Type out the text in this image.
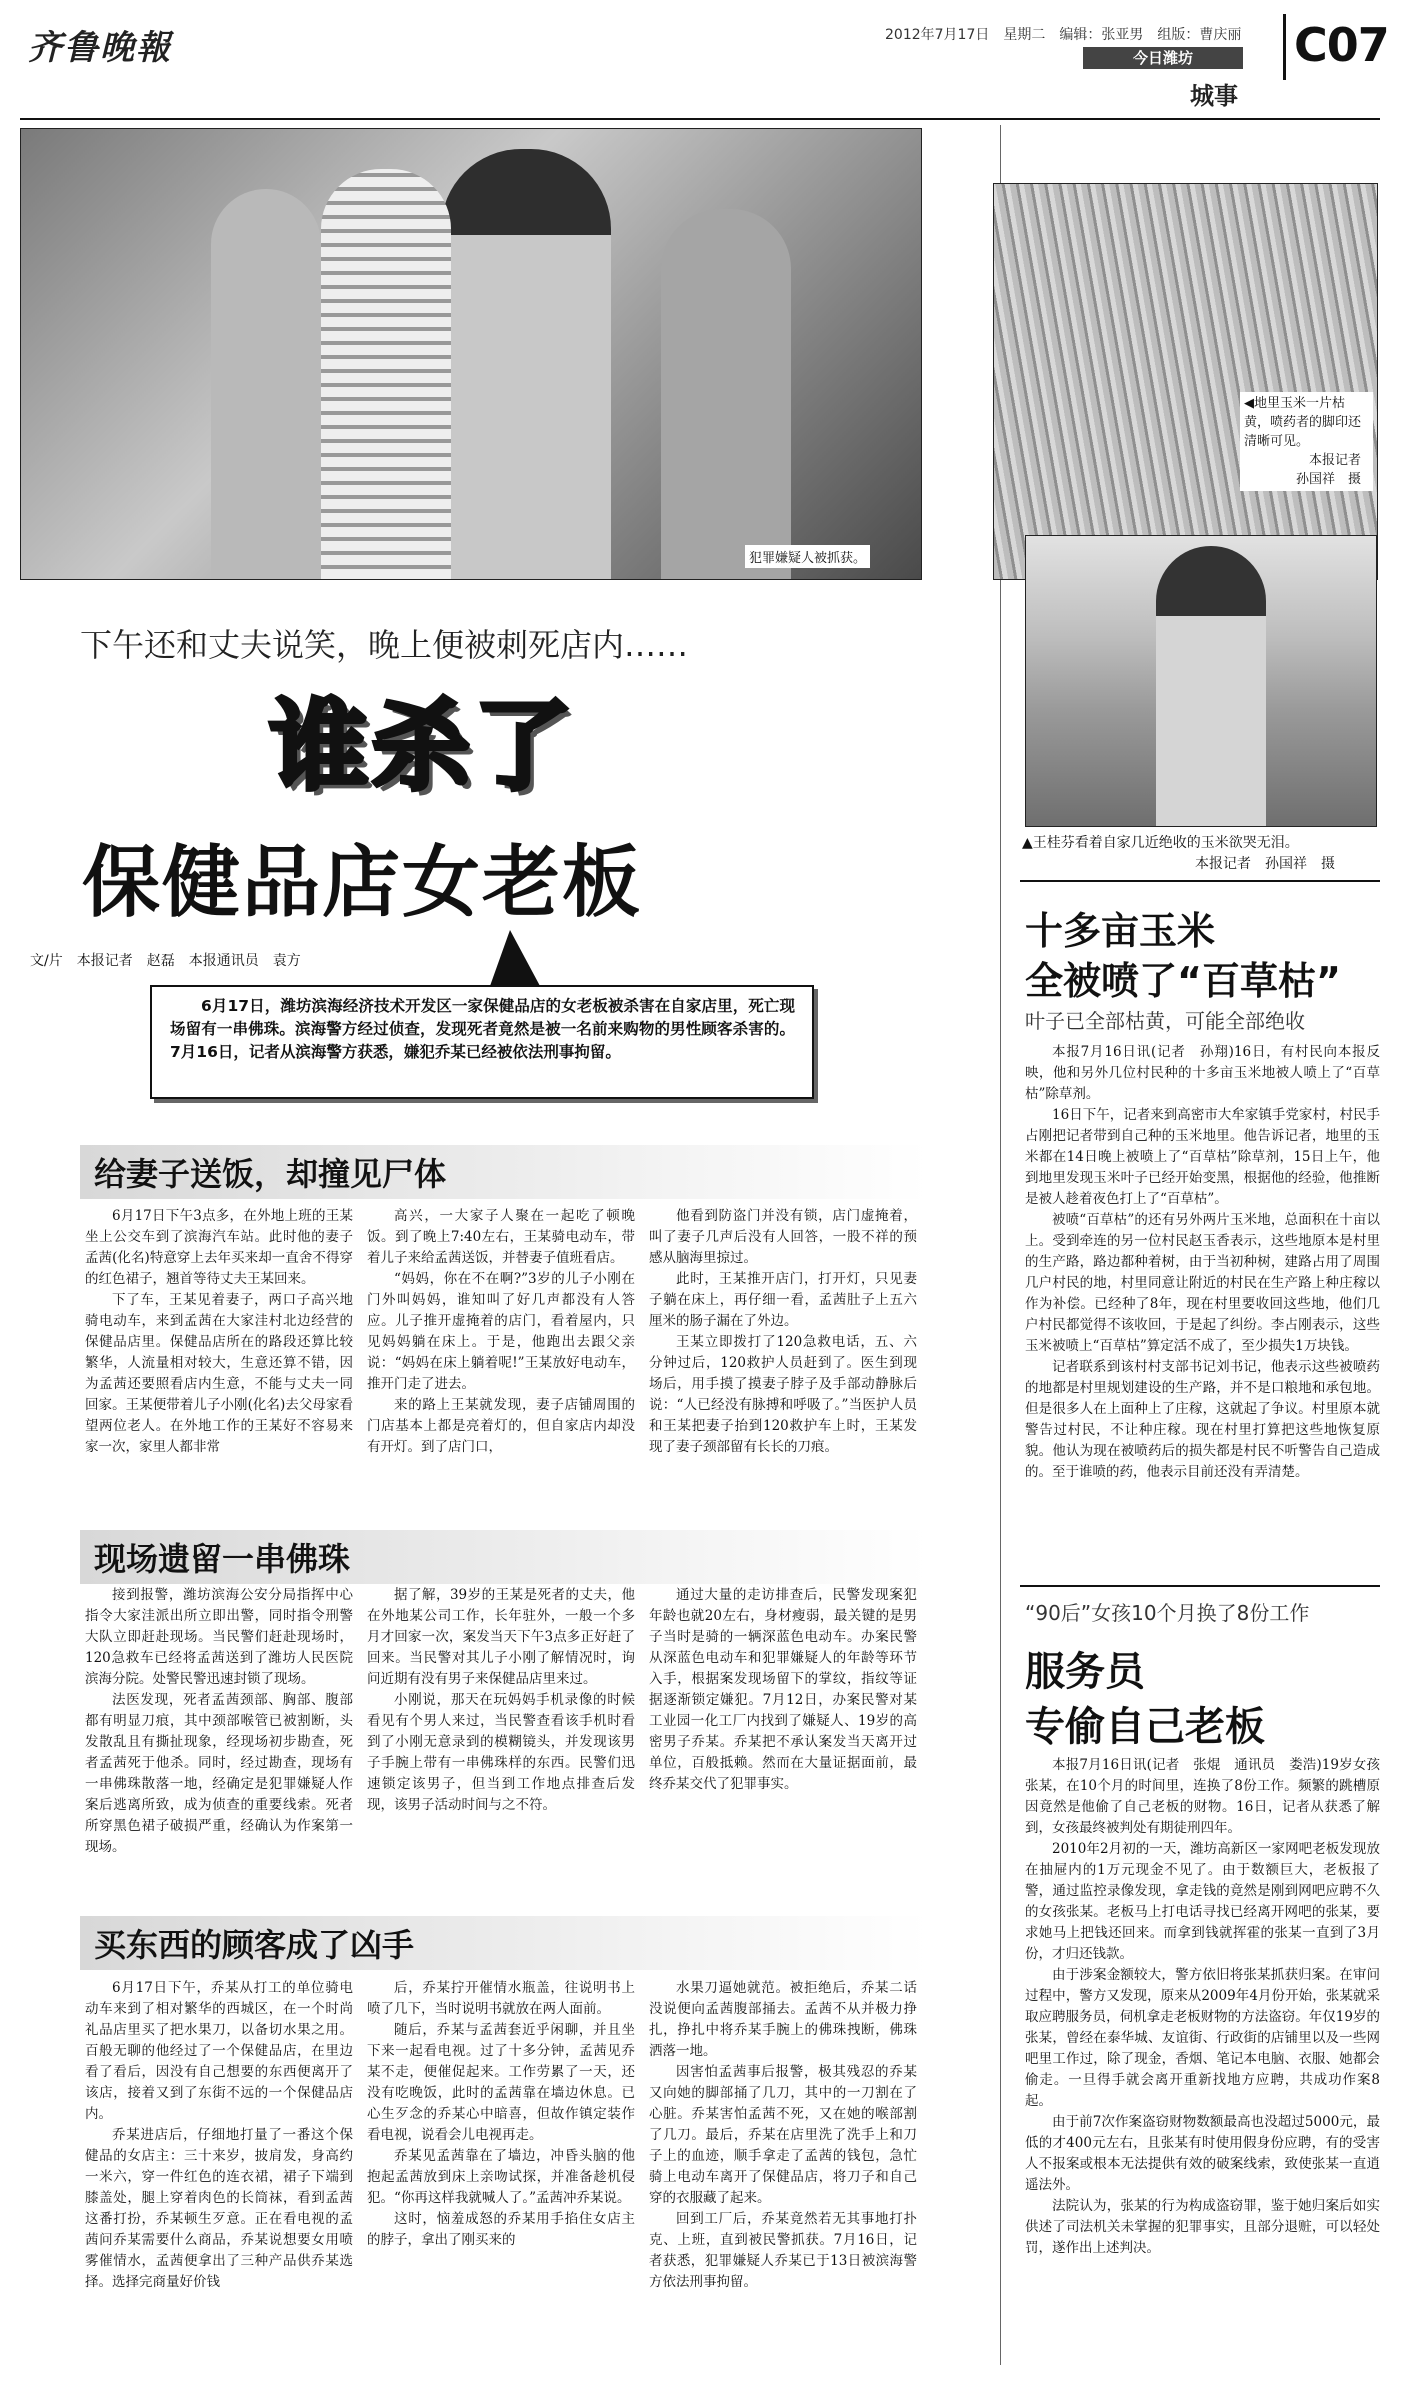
齐鲁晚報	2012年7月17日　星期二　编辑：张亚男　组版：曹庆丽
今日潍坊
城事
C07
犯罪嫌疑人被抓获。
下午还和丈夫说笑，晚上便被刺死店内……
谁杀了
保健品店女老板
文/片　本报记者　赵磊　本报通讯员　袁方
6月17日，潍坊滨海经济技术开发区一家保健品店的女老板被杀害在自家店里，死亡现场留有一串佛珠。滨海警方经过侦查，发现死者竟然是被一名前来购物的男性顾客杀害的。7月16日，记者从滨海警方获悉，嫌犯乔某已经被依法刑事拘留。
给妻子送饭，却撞见尸体

6月17日下午3点多，在外地上班的王某坐上公交车到了滨海汽车站。此时他的妻子孟茜(化名)特意穿上去年买来却一直舍不得穿的红色裙子，翘首等待丈夫王某回来。

下了车，王某见着妻子，两口子高兴地骑电动车，来到孟茜在大家洼村北边经营的保健品店里。保健品店所在的路段还算比较繁华，人流量相对较大，生意还算不错，因为孟茜还要照看店内生意，不能与丈夫一同回家。王某便带着儿子小刚(化名)去父母家看望两位老人。在外地工作的王某好不容易来家一次，家里人都非常

高兴，一大家子人聚在一起吃了顿晚饭。到了晚上7:40左右，王某骑电动车，带着儿子来给孟茜送饭，并替妻子值班看店。

“妈妈，你在不在啊?”3岁的儿子小刚在门外叫妈妈，谁知叫了好几声都没有人答应。儿子推开虚掩着的店门，看着屋内，只见妈妈躺在床上。于是，他跑出去跟父亲说：“妈妈在床上躺着呢!”王某放好电动车，推开门走了进去。

来的路上王某就发现，妻子店铺周围的门店基本上都是亮着灯的，但自家店内却没有开灯。到了店门口，

他看到防盗门并没有锁，店门虚掩着，叫了妻子几声后没有人回答，一股不祥的预感从脑海里掠过。

此时，王某推开店门，打开灯，只见妻子躺在床上，再仔细一看，孟茜肚子上五六厘米的肠子漏在了外边。

王某立即拨打了120急救电话，五、六分钟过后，120救护人员赶到了。医生到现场后，用手摸了摸妻子脖子及手部动静脉后说：“人已经没有脉搏和呼吸了。”当医护人员和王某把妻子抬到120救护车上时，王某发现了妻子颈部留有长长的刀痕。

现场遗留一串佛珠

接到报警，潍坊滨海公安分局指挥中心指令大家洼派出所立即出警，同时指令刑警大队立即赶赴现场。当民警们赶赴现场时，120急救车已经将孟茜送到了潍坊人民医院滨海分院。处警民警迅速封锁了现场。

法医发现，死者孟茜颈部、胸部、腹部都有明显刀痕，其中颈部喉管已被割断，头发散乱且有撕扯现象，经现场初步勘查，死者孟茜死于他杀。同时，经过勘查，现场有一串佛珠散落一地，经确定是犯罪嫌疑人作案后逃离所致，成为侦查的重要线索。死者所穿黑色裙子破损严重，经确认为作案第一现场。

据了解，39岁的王某是死者的丈夫，他在外地某公司工作，长年驻外，一般一个多月才回家一次，案发当天下午3点多正好赶了回来。当民警对其儿子小刚了解情况时，询问近期有没有男子来保健品店里来过。

小刚说，那天在玩妈妈手机录像的时候看见有个男人来过，当民警查看该手机时看到了小刚无意录到的模糊镜头，并发现该男子手腕上带有一串佛珠样的东西。民警们迅速锁定该男子，但当到工作地点排查后发现，该男子活动时间与之不符。

通过大量的走访排查后，民警发现案犯年龄也就20左右，身材瘦弱，最关键的是男子当时是骑的一辆深蓝色电动车。办案民警从深蓝色电动车和犯罪嫌疑人的年龄等环节入手，根据案发现场留下的掌纹，指纹等证据逐渐锁定嫌犯。7月12日，办案民警对某工业园一化工厂内找到了嫌疑人、19岁的高密男子乔某。乔某把不承认案发当天离开过单位，百般抵赖。然而在大量证据面前，最终乔某交代了犯罪事实。

买东西的顾客成了凶手

6月17日下午，乔某从打工的单位骑电动车来到了相对繁华的西城区，在一个时尚礼品店里买了把水果刀，以备切水果之用。百般无聊的他经过了一个保健品店，在里边看了看后，因没有自己想要的东西便离开了该店，接着又到了东街不远的一个保健品店内。

乔某进店后，仔细地打量了一番这个保健品的女店主：三十来岁，披肩发，身高约一米六，穿一件红色的连衣裙，裙子下端到膝盖处，腿上穿着肉色的长筒袜，看到孟茜这番打扮，乔某顿生歹意。正在看电视的孟茜问乔某需要什么商品，乔某说想要女用喷雾催情水，孟茜便拿出了三种产品供乔某选择。选择完商量好价钱

后，乔某拧开催情水瓶盖，往说明书上喷了几下，当时说明书就放在两人面前。

随后，乔某与孟茜套近乎闲聊，并且坐下来一起看电视。过了十多分钟，孟茜见乔某不走，便催促起来。工作劳累了一天，还没有吃晚饭，此时的孟茜靠在墙边休息。已心生歹念的乔某心中暗喜，但故作镇定装作看电视，说看会儿电视再走。

乔某见孟茜靠在了墙边，冲昏头脑的他抱起孟茜放到床上亲吻试探，并准备趁机侵犯。“你再这样我就喊人了。”孟茜冲乔某说。

这时，恼羞成怒的乔某用手掐住女店主的脖子，拿出了刚买来的

水果刀逼她就范。被拒绝后，乔某二话没说便向孟茜腹部捅去。孟茜不从并极力挣扎，挣扎中将乔某手腕上的佛珠拽断，佛珠洒落一地。

因害怕孟茜事后报警，极其残忍的乔某又向她的脚部捅了几刀，其中的一刀割在了心脏。乔某害怕孟茜不死，又在她的喉部割了几刀。最后，乔某在店里洗了洗手上和刀子上的血迹，顺手拿走了孟茜的钱包，急忙骑上电动车离开了保健品店，将刀子和自己穿的衣服藏了起来。

回到工厂后，乔某竟然若无其事地打扑克、上班，直到被民警抓获。7月16日，记者获悉，犯罪嫌疑人乔某已于13日被滨海警方依法刑事拘留。

◀地里玉米一片枯黄，喷药者的脚印还清晰可见。
本报记者
孙国祥　摄
▲王桂芬看着自家几近绝收的玉米欲哭无泪。
本报记者　孙国祥　摄
十多亩玉米
全被喷了“百草枯”
叶子已全部枯黄，可能全部绝收

本报7月16日讯(记者　孙翔)16日，有村民向本报反映，他和另外几位村民种的十多亩玉米地被人喷上了“百草枯”除草剂。

16日下午，记者来到高密市大牟家镇手党家村，村民手占刚把记者带到自己种的玉米地里。他告诉记者，地里的玉米都在14日晚上被喷上了“百草枯”除草剂，15日上午，他到地里发现玉米叶子已经开始变黑，根据他的经验，他推断是被人趁着夜色打上了“百草枯”。

被喷“百草枯”的还有另外两片玉米地，总面积在十亩以上。受到牵连的另一位村民赵玉香表示，这些地原本是村里的生产路，路边都种着树，由于当初种树，建路占用了周围几户村民的地，村里同意让附近的村民在生产路上种庄稼以作为补偿。已经种了8年，现在村里要收回这些地，他们几户村民都觉得不该收回，于是起了纠纷。李占刚表示，这些玉米被喷上“百草枯”算定活不成了，至少损失1万块钱。

记者联系到该村村支部书记刘书记，他表示这些被喷药的地都是村里规划建设的生产路，并不是口粮地和承包地。但是很多人在上面种上了庄稼，这就起了争议。村里原本就警告过村民，不让种庄稼。现在村里打算把这些地恢复原貌。他认为现在被喷药后的损失都是村民不听警告自己造成的。至于谁喷的药，他表示目前还没有弄清楚。

“90后”女孩10个月换了8份工作
服务员
专偷自己老板

本报7月16日讯(记者　张焜　通讯员　娄浩)19岁女孩张某，在10个月的时间里，连换了8份工作。频繁的跳槽原因竟然是他偷了自己老板的财物。16日，记者从获悉了解到，女孩最终被判处有期徒刑四年。

2010年2月初的一天，潍坊高新区一家网吧老板发现放在抽屉内的1万元现金不见了。由于数额巨大，老板报了警，通过监控录像发现，拿走钱的竟然是刚到网吧应聘不久的女孩张某。老板马上打电话寻找已经离开网吧的张某，要求她马上把钱还回来。而拿到钱就挥霍的张某一直到了3月份，才归还钱款。

由于涉案金额较大，警方依旧将张某抓获归案。在审问过程中，警方又发现，原来从2009年4月份开始，张某就采取应聘服务员，伺机拿走老板财物的方法盗窃。年仅19岁的张某，曾经在泰华城、友谊街、行政街的店铺里以及一些网吧里工作过，除了现金，香烟、笔记本电脑、衣服、她都会偷走。一旦得手就会离开重新找地方应聘，共成功作案8起。

由于前7次作案盗窃财物数额最高也没超过5000元，最低的才400元左右，且张某有时使用假身份应聘，有的受害人不报案或根本无法提供有效的破案线索，致使张某一直逍遥法外。

法院认为，张某的行为构成盗窃罪，鉴于她归案后如实供述了司法机关未掌握的犯罪事实，且部分退赃，可以轻处罚，遂作出上述判决。
